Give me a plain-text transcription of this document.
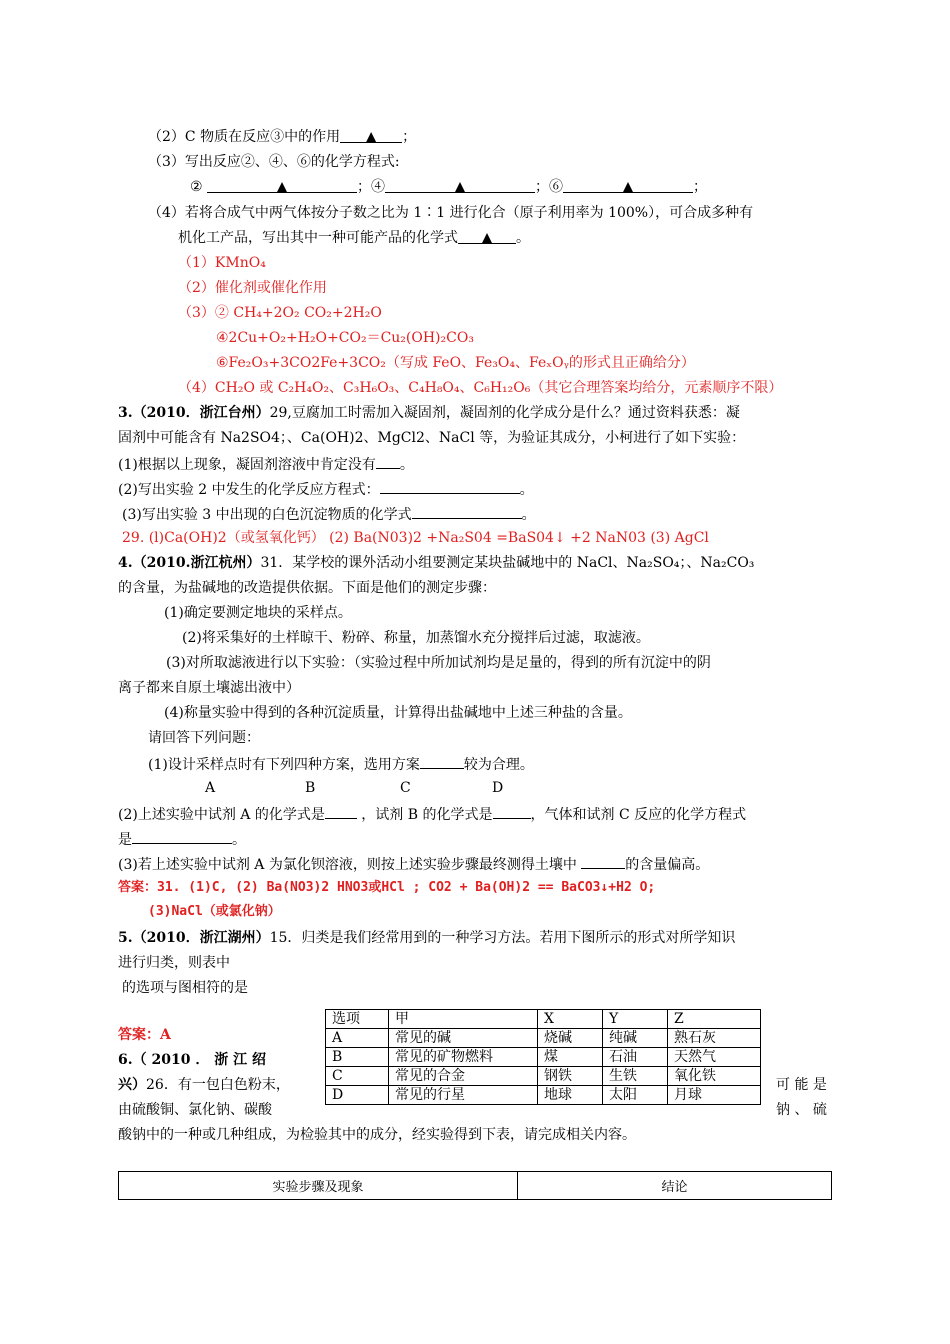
（2）C 物质在反应③中的作用 ▲ ；
（3）写出反应②、④、⑥的化学方程式:
②	▲	；④	▲	；⑥	▲	；
（4）若将合成气中两气体按分子数之比为 1∶1 进行化合（原子利用率为 100%），可合成多种有
机化工产品，写出其中一种可能产品的化学式 ▲ 。
（1）KMnO₄
（2）催化剂或催化作用
（3）② CH₄+2O₂ CO₂+2H₂O
④2Cu+O₂+H₂O+CO₂＝Cu₂(OH)₂CO₃
⑥Fe₂O₃+3CO2Fe+3CO₂（写成 FeO、Fe₃O₄、FeₓOᵧ的形式且正确给分）
（4）CH₂O 或 C₂H₄O₂、C₃H₆O₃、C₄H₈O₄、C₆H₁₂O₆（其它合理答案均给分，元素顺序不限）
3.（2010．浙江台州）29,豆腐加工时需加入凝固剂，凝固剂的化学成分是什么？通过资料获悉：凝
固剂中可能含有 Na2SO4；、Ca(OH)2、MgCl2、NaCl 等，为验证其成分，小柯进行了如下实验：
(1)根据以上现象，凝固剂溶液中肯定没有 。
(2)写出实验 2 中发生的化学反应方程式：	。
(3)写出实验 3 中出现的白色沉淀物质的化学式	。
29. (l)Ca(OH)2（或氢氧化钙） (2) Ba(N03)2 +Na₂S04 =BaS04↓ +2 NaN03 (3) AgCl
4.（2010.浙江杭州）31．某学校的课外活动小组要测定某块盐碱地中的 NaCl、Na₂SO₄；、Na₂CO₃
的含量，为盐碱地的改造提供依据。下面是他们的测定步骤：
(1)确定要测定地块的采样点。
(2)将采集好的土样晾干、粉碎、称量，加蒸馏水充分搅拌后过滤，取滤液。
(3)对所取滤液进行以下实验：（实验过程中所加试剂均是足量的，得到的所有沉淀中的阴
离子都来自原土壤滤出液中）
(4)称量实验中得到的各种沉淀质量，计算得出盐碱地中上述三种盐的含量。
请回答下列问题：
(1)设计采样点时有下列四种方案，选用方案	较为合理。
A	B	C	D
(2)上述实验中试剂 A 的化学式是	，试剂 B 的化学式是	，气体和试剂 C 反应的化学方程式
是	。
(3)若上述实验中试剂 A 为氯化钡溶液，则按上述实验步骤最终测得土壤中	的含量偏高。
答案：31. (1)C, (2) Ba(NO3)2 HNO3或HCl ; CO2 + Ba(OH)2 == BaCO3↓+H2 O;
(3)NaCl（或氯化钠）
5.（2010．浙江湖州）15．归类是我们经常用到的一种学习方法。若用下图所示的形式对所学知识
进行归类，则表中
的选项与图相符的是
答案：A
选项	甲	X	Y	Z
A	常见的碱	烧碱	纯碱	熟石灰
B	常见的矿物燃料	煤	石油	天然气
C	常见的合金	钢铁	生铁	氧化铁
D	常见的行星	地球	太阳	月球
6.（ 2010 ． 浙 江 绍
兴）26．有一包白色粉末，	可 能 是
由硫酸铜、氯化钠、碳酸	钠 、 硫
酸钠中的一种或几种组成，为检验其中的成分，经实验得到下表，请完成相关内容。
实验步骤及现象	结论
